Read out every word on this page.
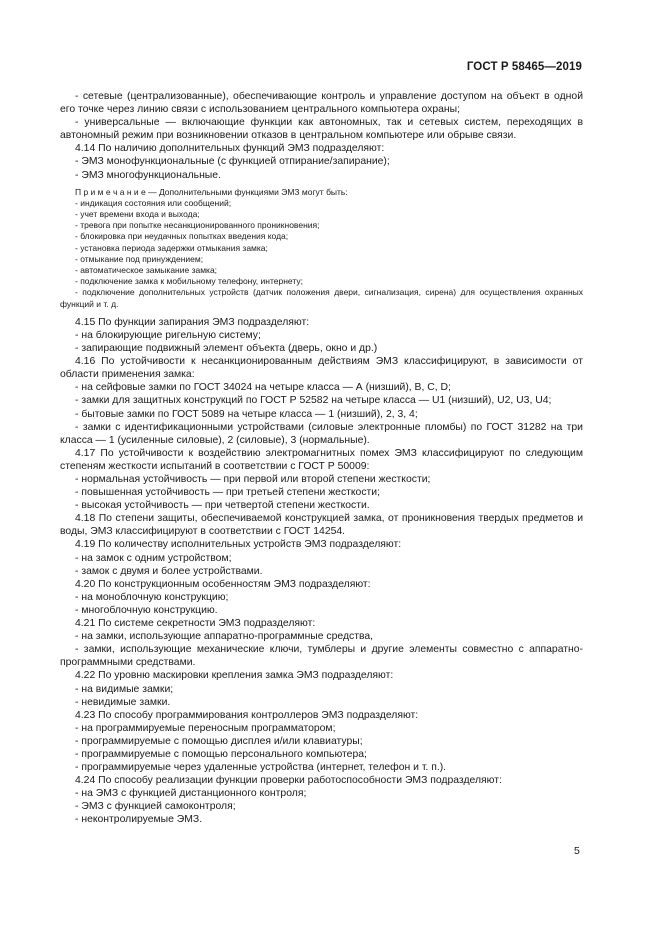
ГОСТ Р 58465—2019

- сетевые (централизованные), обеспечивающие контроль и управление доступом на объект в одной его точке через линию связи с использованием центрального компьютера охраны;

- универсальные — включающие функции как автономных, так и сетевых систем, переходящих в автономный режим при возникновении отказов в центральном компьютере или обрыве связи.

4.14 По наличию дополнительных функций ЭМЗ подразделяют:

- ЭМЗ монофункциональные (с функцией отпирание/запирание);

- ЭМЗ многофункциональные.

П р и м е ч а н и е — Дополнительными функциями ЭМЗ могут быть:

- индикация состояния или сообщений;

- учет времени входа и выхода;

- тревога при попытке несанкционированного проникновения;

- блокировка при неудачных попытках введения кода;

- установка периода задержки отмыкания замка;

- отмыкание под принуждением;

- автоматическое замыкание замка;

- подключение замка к мобильному телефону, интернету;

- подключение дополнительных устройств (датчик положения двери, сигнализация, сирена) для осуществления охранных функций и т. д.

4.15 По функции запирания ЭМЗ подразделяют:

- на блокирующие ригельную систему;

- запирающие подвижный элемент объекта (дверь, окно и др.)

4.16 По устойчивости к несанкционированным действиям ЭМЗ классифицируют, в зависимости от области применения замка:

- на сейфовые замки по ГОСТ 34024 на четыре класса — А (низший), В, С, D;

- замки для защитных конструкций по ГОСТ Р 52582 на четыре класса — U1 (низший), U2, U3, U4;

- бытовые замки по ГОСТ 5089 на четыре класса — 1 (низший), 2, 3, 4;

- замки с идентификационными устройствами (силовые электронные пломбы) по ГОСТ 31282 на три класса — 1 (усиленные силовые), 2 (силовые), 3 (нормальные).

4.17 По устойчивости к воздействию электромагнитных помех ЭМЗ классифицируют по следующим степеням жесткости испытаний в соответствии с ГОСТ Р 50009:

- нормальная устойчивость — при первой или второй степени жесткости;

- повышенная устойчивость — при третьей степени жесткости;

- высокая устойчивость — при четвертой степени жесткости.

4.18 По степени защиты, обеспечиваемой конструкцией замка, от проникновения твердых предметов и воды, ЭМЗ классифицируют в соответствии с ГОСТ 14254.

4.19 По количеству исполнительных устройств ЭМЗ подразделяют:

- на замок с одним устройством;

- замок с двумя и более устройствами.

4.20 По конструкционным особенностям ЭМЗ подразделяют:

- на моноблочную конструкцию;

- многоблочную конструкцию.

4.21 По системе секретности ЭМЗ подразделяют:

- на замки, использующие аппаратно-программные средства,

- замки, использующие механические ключи, тумблеры и другие элементы совместно с аппаратно-программными средствами.

4.22 По уровню маскировки крепления замка ЭМЗ подразделяют:

- на видимые замки;

- невидимые замки.

4.23 По способу программирования контроллеров ЭМЗ подразделяют:

- на программируемые переносным программатором;

- программируемые с помощью дисплея и/или клавиатуры;

- программируемые с помощью персонального компьютера;

- программируемые через удаленные устройства (интернет, телефон и т. п.).

4.24 По способу реализации функции проверки работоспособности ЭМЗ подразделяют:

- на ЭМЗ с функцией дистанционного контроля;

- ЭМЗ с функцией самоконтроля;

- неконтролируемые ЭМЗ.

5
